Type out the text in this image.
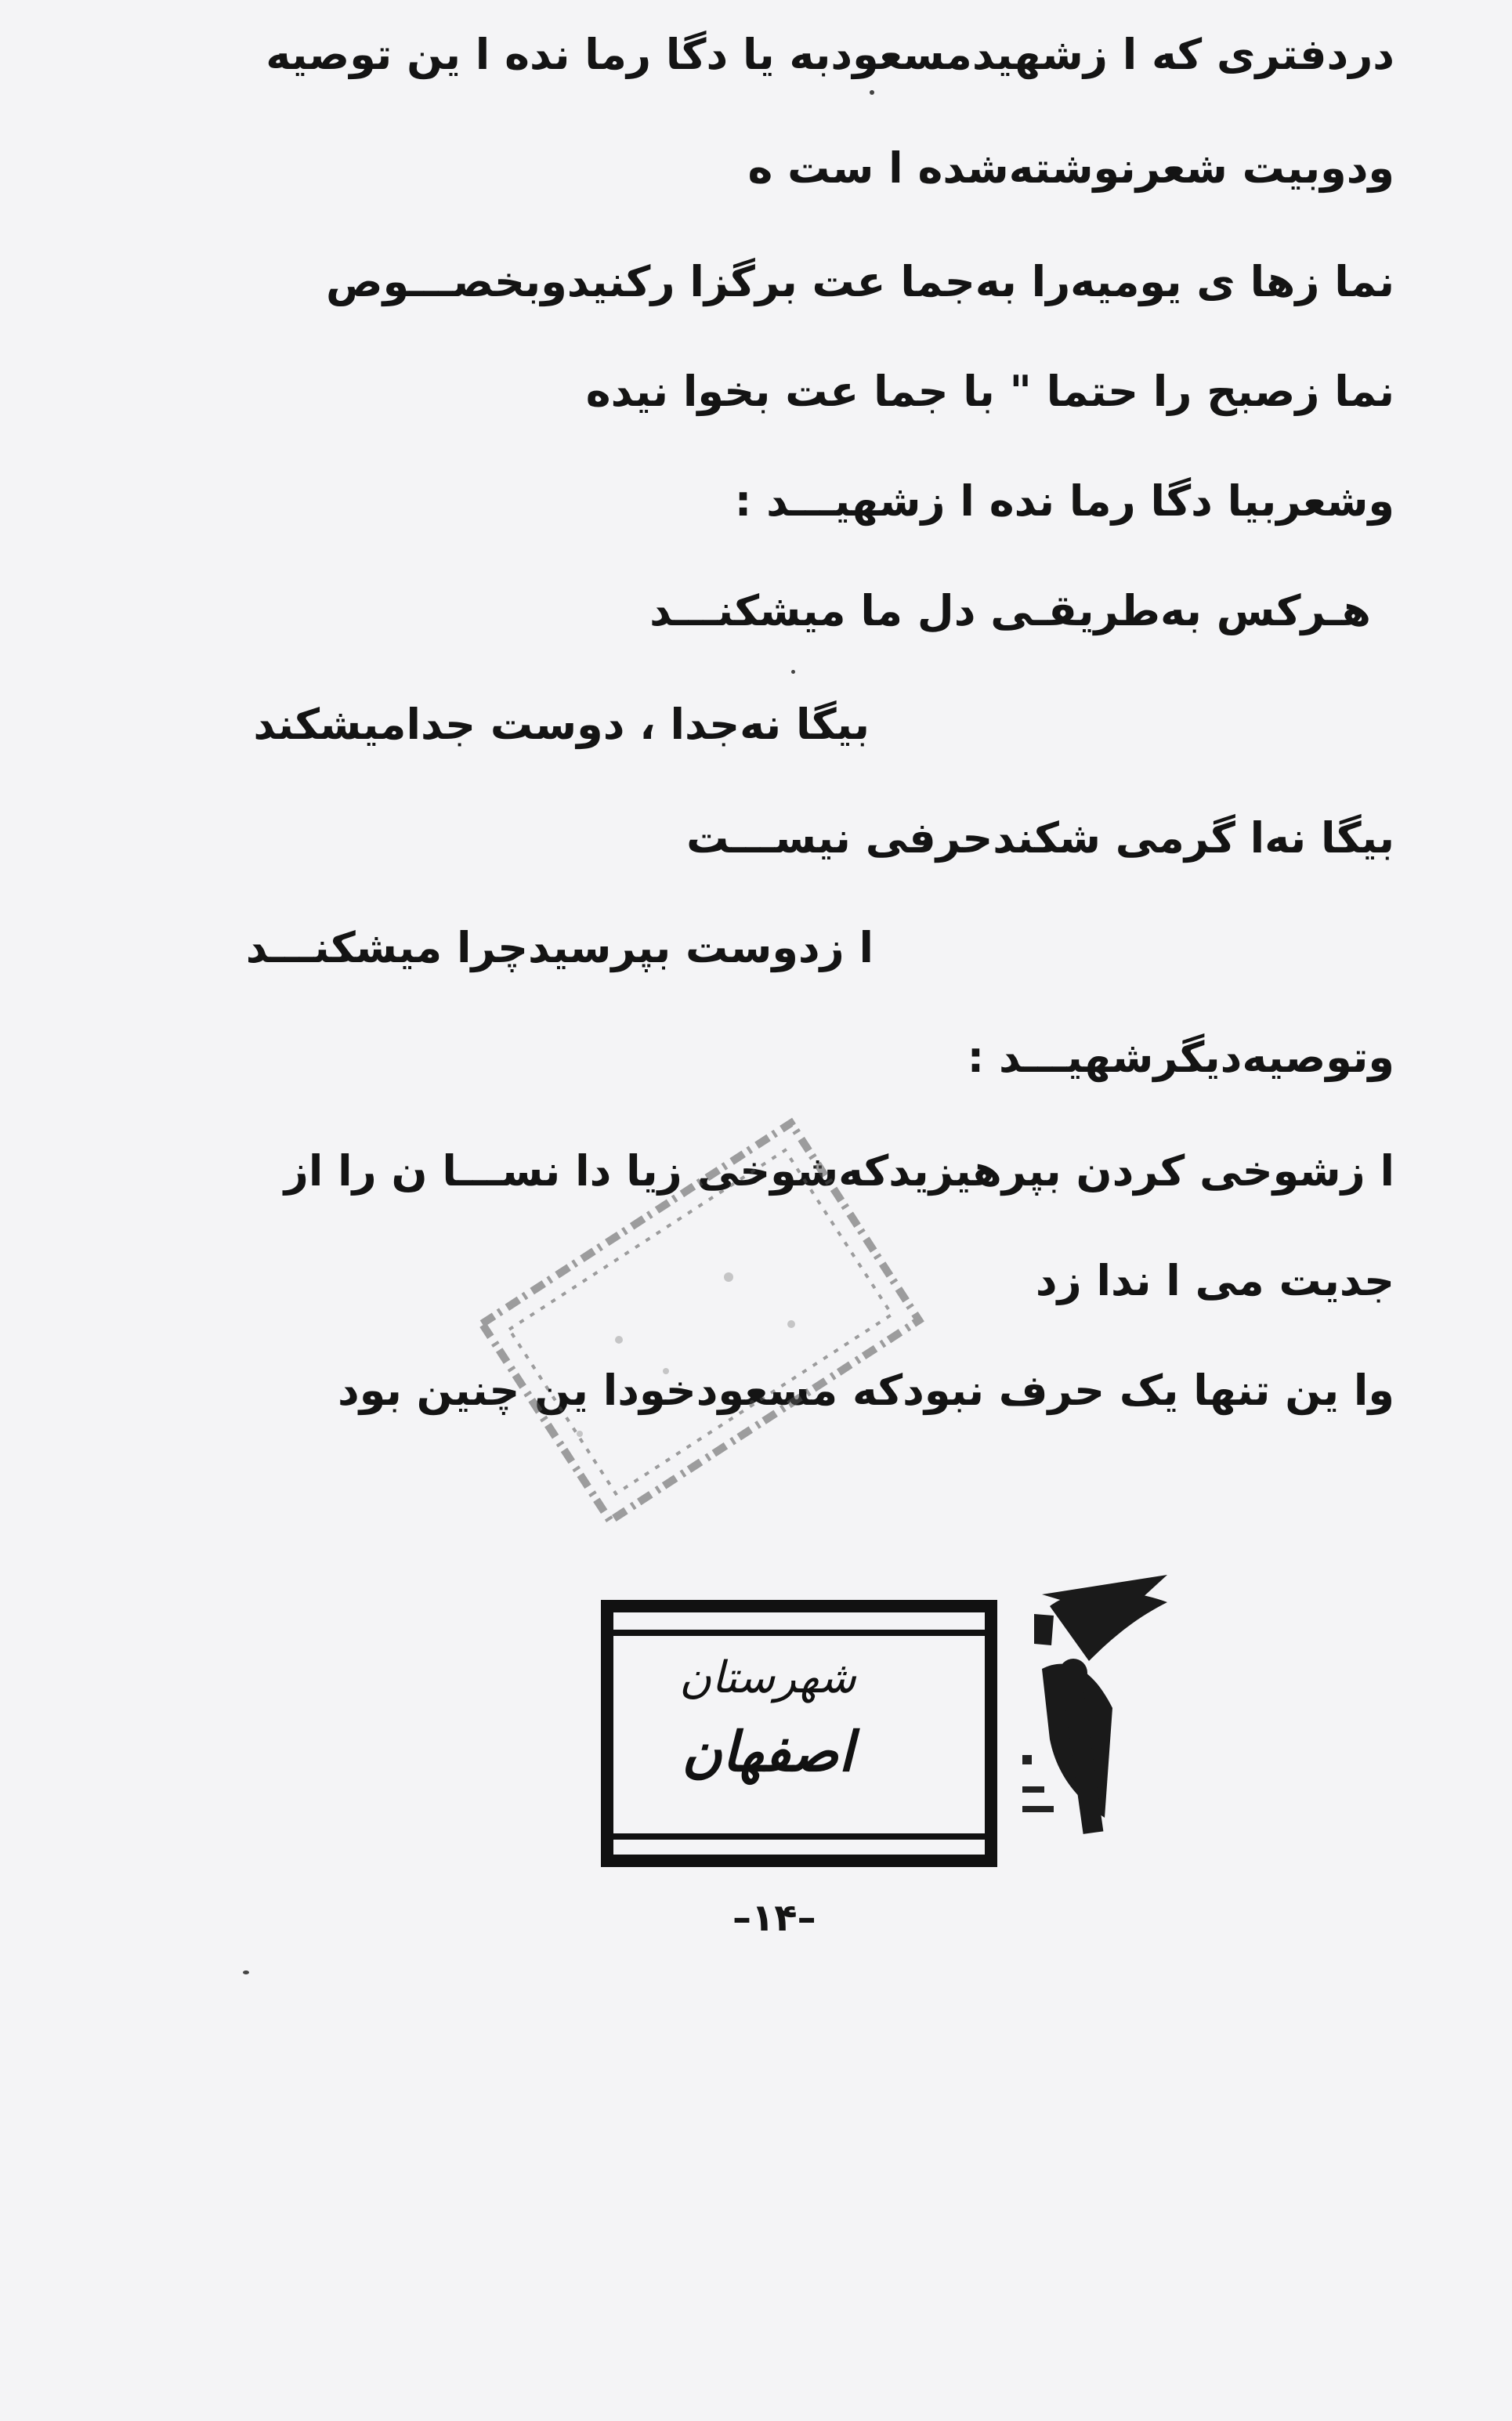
دردفتری که ا زشهیدمسعودبه یا دگا رما نده ا ین توصیه
ودوبیت شعرنوشته‌شده ا ست ه
نما زها ی یومیه‌را به‌جما عت برگزا رکنیدوبخصـــوص
نما زصبح را حتما " با جما عت بخوا نیده
وشعربیا دگا رما نده ا زشهیـــد :
هـرکس به‌طریقـی دل ما میشکنـــد
بیگا نه‌جدا ، دوست جدامیشکند
بیگا نه‌ا گرمی شکندحرفی نیســـت
ا زدوست بپرسیدچرا میشکنـــد
وتوصیه‌دیگرشهیـــد :
ا زشوخی کردن بپرهیزیدکه‌شوخی زیا دا نســـا ن را از
جدیت می ا ندا زد
وا ین تنها یک حرف نبودکه مسعودخودا ین چنین بود
شهرستان
اصفهان
–۱۴–
